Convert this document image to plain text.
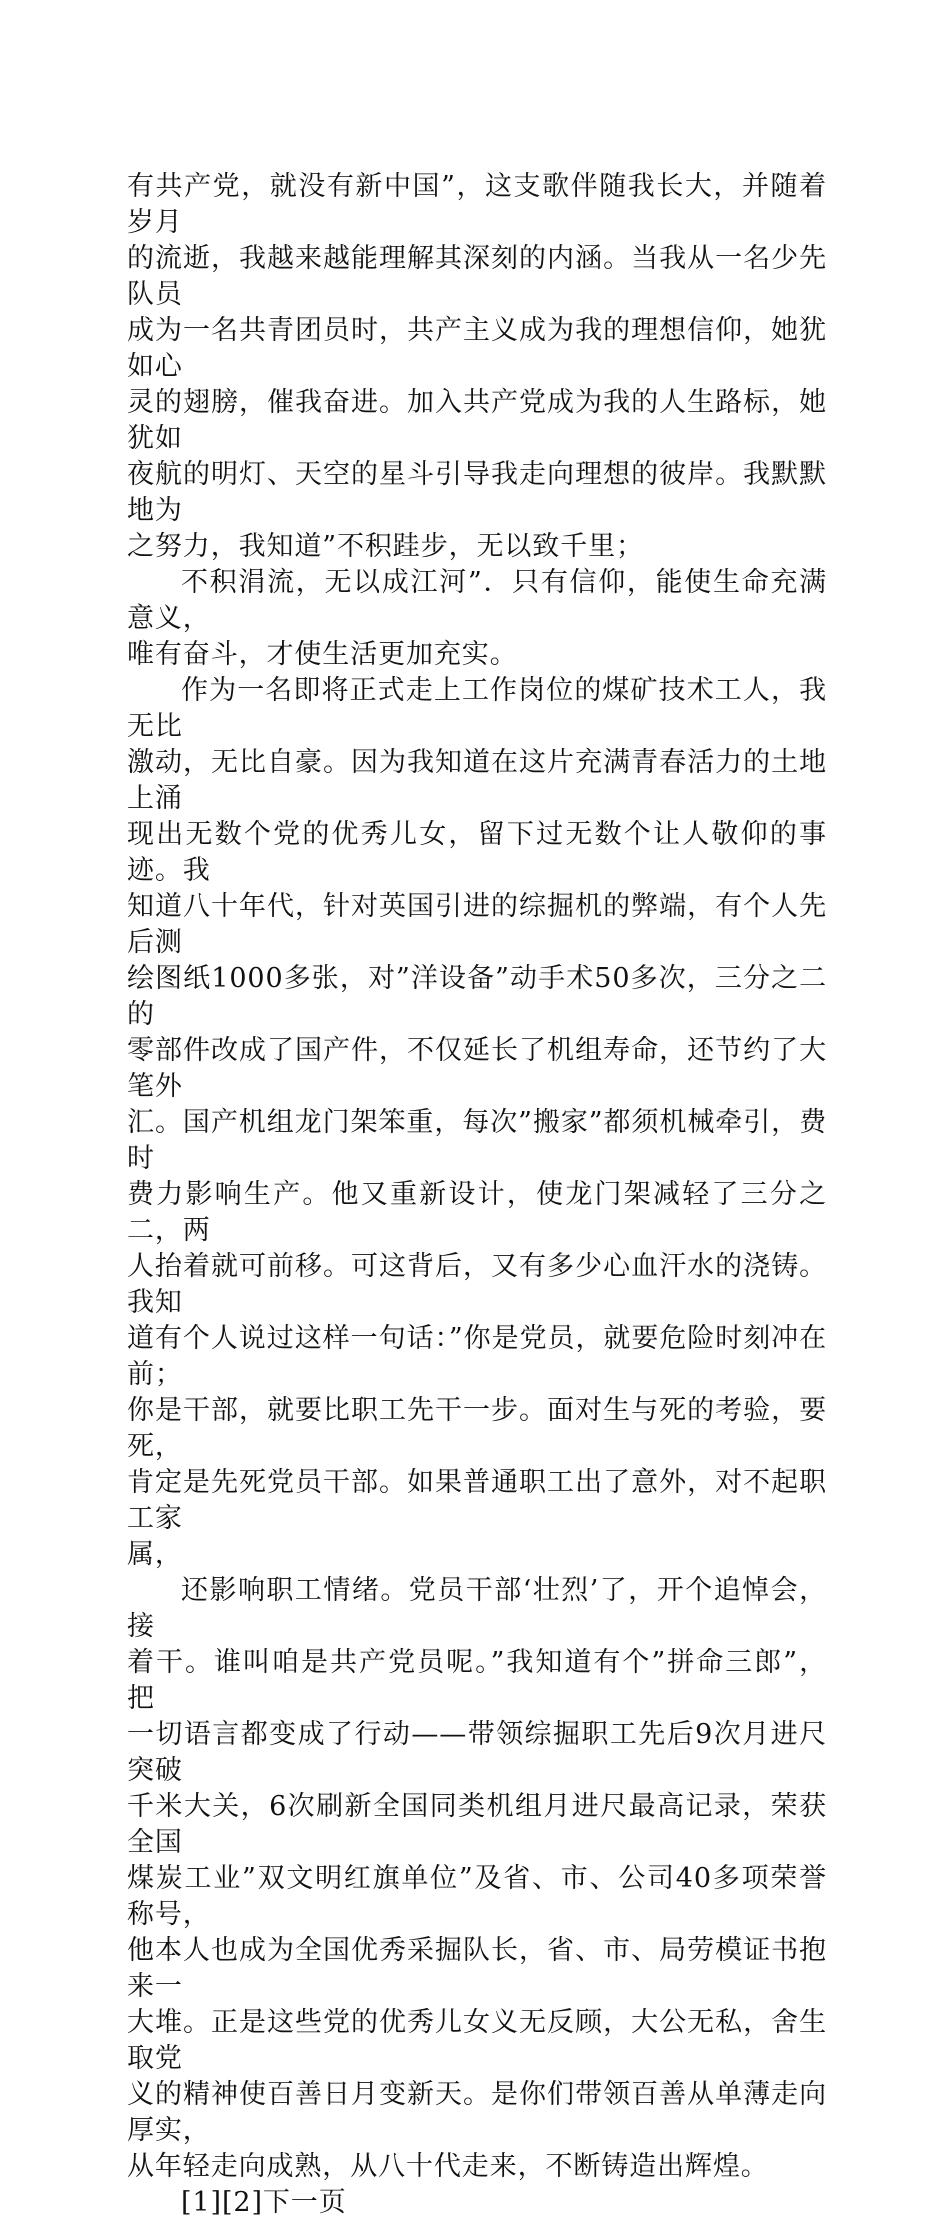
有共产党，就没有新中国”，这支歌伴随我长大，并随着岁月
的流逝，我越来越能理解其深刻的内涵。当我从一名少先队员
成为一名共青团员时，共产主义成为我的理想信仰，她犹如心
灵的翅膀，催我奋进。加入共产党成为我的人生路标，她犹如
夜航的明灯、天空的星斗引导我走向理想的彼岸。我默默地为
之努力，我知道”不积跬步，无以致千里；

不积涓流，无以成江河”．只有信仰，能使生命充满意义，
唯有奋斗，才使生活更加充实。

作为一名即将正式走上工作岗位的煤矿技术工人，我无比
激动，无比自豪。因为我知道在这片充满青春活力的土地上涌
现出无数个党的优秀儿女，留下过无数个让人敬仰的事迹。我
知道八十年代，针对英国引进的综掘机的弊端，有个人先后测
绘图纸1000多张，对”洋设备”动手术50多次，三分之二的
零部件改成了国产件，不仅延长了机组寿命，还节约了大笔外
汇。国产机组龙门架笨重，每次”搬家”都须机械牵引，费时
费力影响生产。他又重新设计，使龙门架减轻了三分之二，两
人抬着就可前移。可这背后，又有多少心血汗水的浇铸。我知
道有个人说过这样一句话：”你是党员，就要危险时刻冲在前；
你是干部，就要比职工先干一步。面对生与死的考验，要死，
肯定是先死党员干部。如果普通职工出了意外，对不起职工家
属，

还影响职工情绪。党员干部‘壮烈’了，开个追悼会，接
着干。谁叫咱是共产党员呢。”我知道有个”拼命三郎”，把
一切语言都变成了行动——带领综掘职工先后9次月进尺突破
千米大关，6次刷新全国同类机组月进尺最高记录，荣获全国
煤炭工业”双文明红旗单位”及省、市、公司40多项荣誉称号，
他本人也成为全国优秀采掘队长，省、市、局劳模证书抱来一
大堆。正是这些党的优秀儿女义无反顾，大公无私，舍生取党
义的精神使百善日月变新天。是你们带领百善从单薄走向厚实，
从年轻走向成熟，从八十代走来，不断铸造出辉煌。

[1][2]下一页
